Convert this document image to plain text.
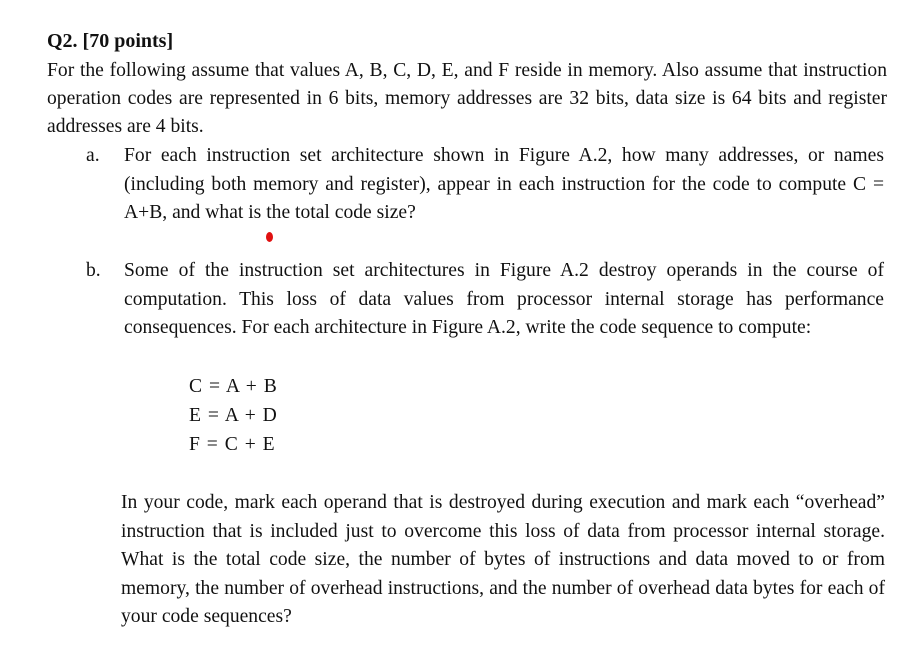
Q2. [70 points]
For the following assume that values A, B, C, D, E, and F reside in memory. Also assume that instruction operation codes are represented in 6 bits, memory addresses are 32 bits, data size is 64 bits and register addresses are 4 bits.
a. For each instruction set architecture shown in Figure A.2, how many addresses, or names (including both memory and register), appear in each instruction for the code to compute C = A+B, and what is the total code size?
b. Some of the instruction set architectures in Figure A.2 destroy operands in the course of computation. This loss of data values from processor internal storage has performance consequences. For each architecture in Figure A.2, write the code sequence to compute:
C = A + B
E = A + D
F = C + E
In your code, mark each operand that is destroyed during execution and mark each “overhead” instruction that is included just to overcome this loss of data from processor internal storage. What is the total code size, the number of bytes of instructions and data moved to or from memory, the number of overhead instructions, and the number of overhead data bytes for each of your code sequences?
